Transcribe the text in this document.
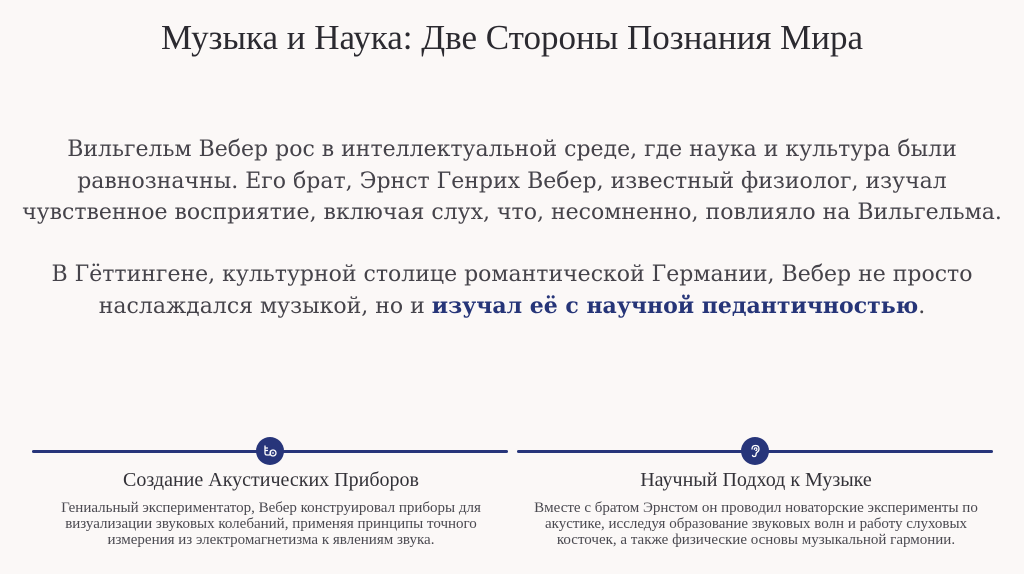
Музыка и Наука: Две Стороны Познания Мира
Вильгельм Вебер рос в интеллектуальной среде, где наука и культура были равнозначны. Его брат, Эрнст Генрих Вебер, известный физиолог, изучал чувственное восприятие, включая слух, что, несомненно, повлияло на Вильгельма.
В Гёттингене, культурной столице романтической Германии, Вебер не просто наслаждался музыкой, но и изучал её с научной педантичностью.
Создание Акустических Приборов
Гениальный экспериментатор, Вебер конструировал приборы для визуализации звуковых колебаний, применяя принципы точного измерения из электромагнетизма к явлениям звука.
Научный Подход к Музыке
Вместе с братом Эрнстом он проводил новаторские эксперименты по акустике, исследуя образование звуковых волн и работу слуховых косточек, а также физические основы музыкальной гармонии.
